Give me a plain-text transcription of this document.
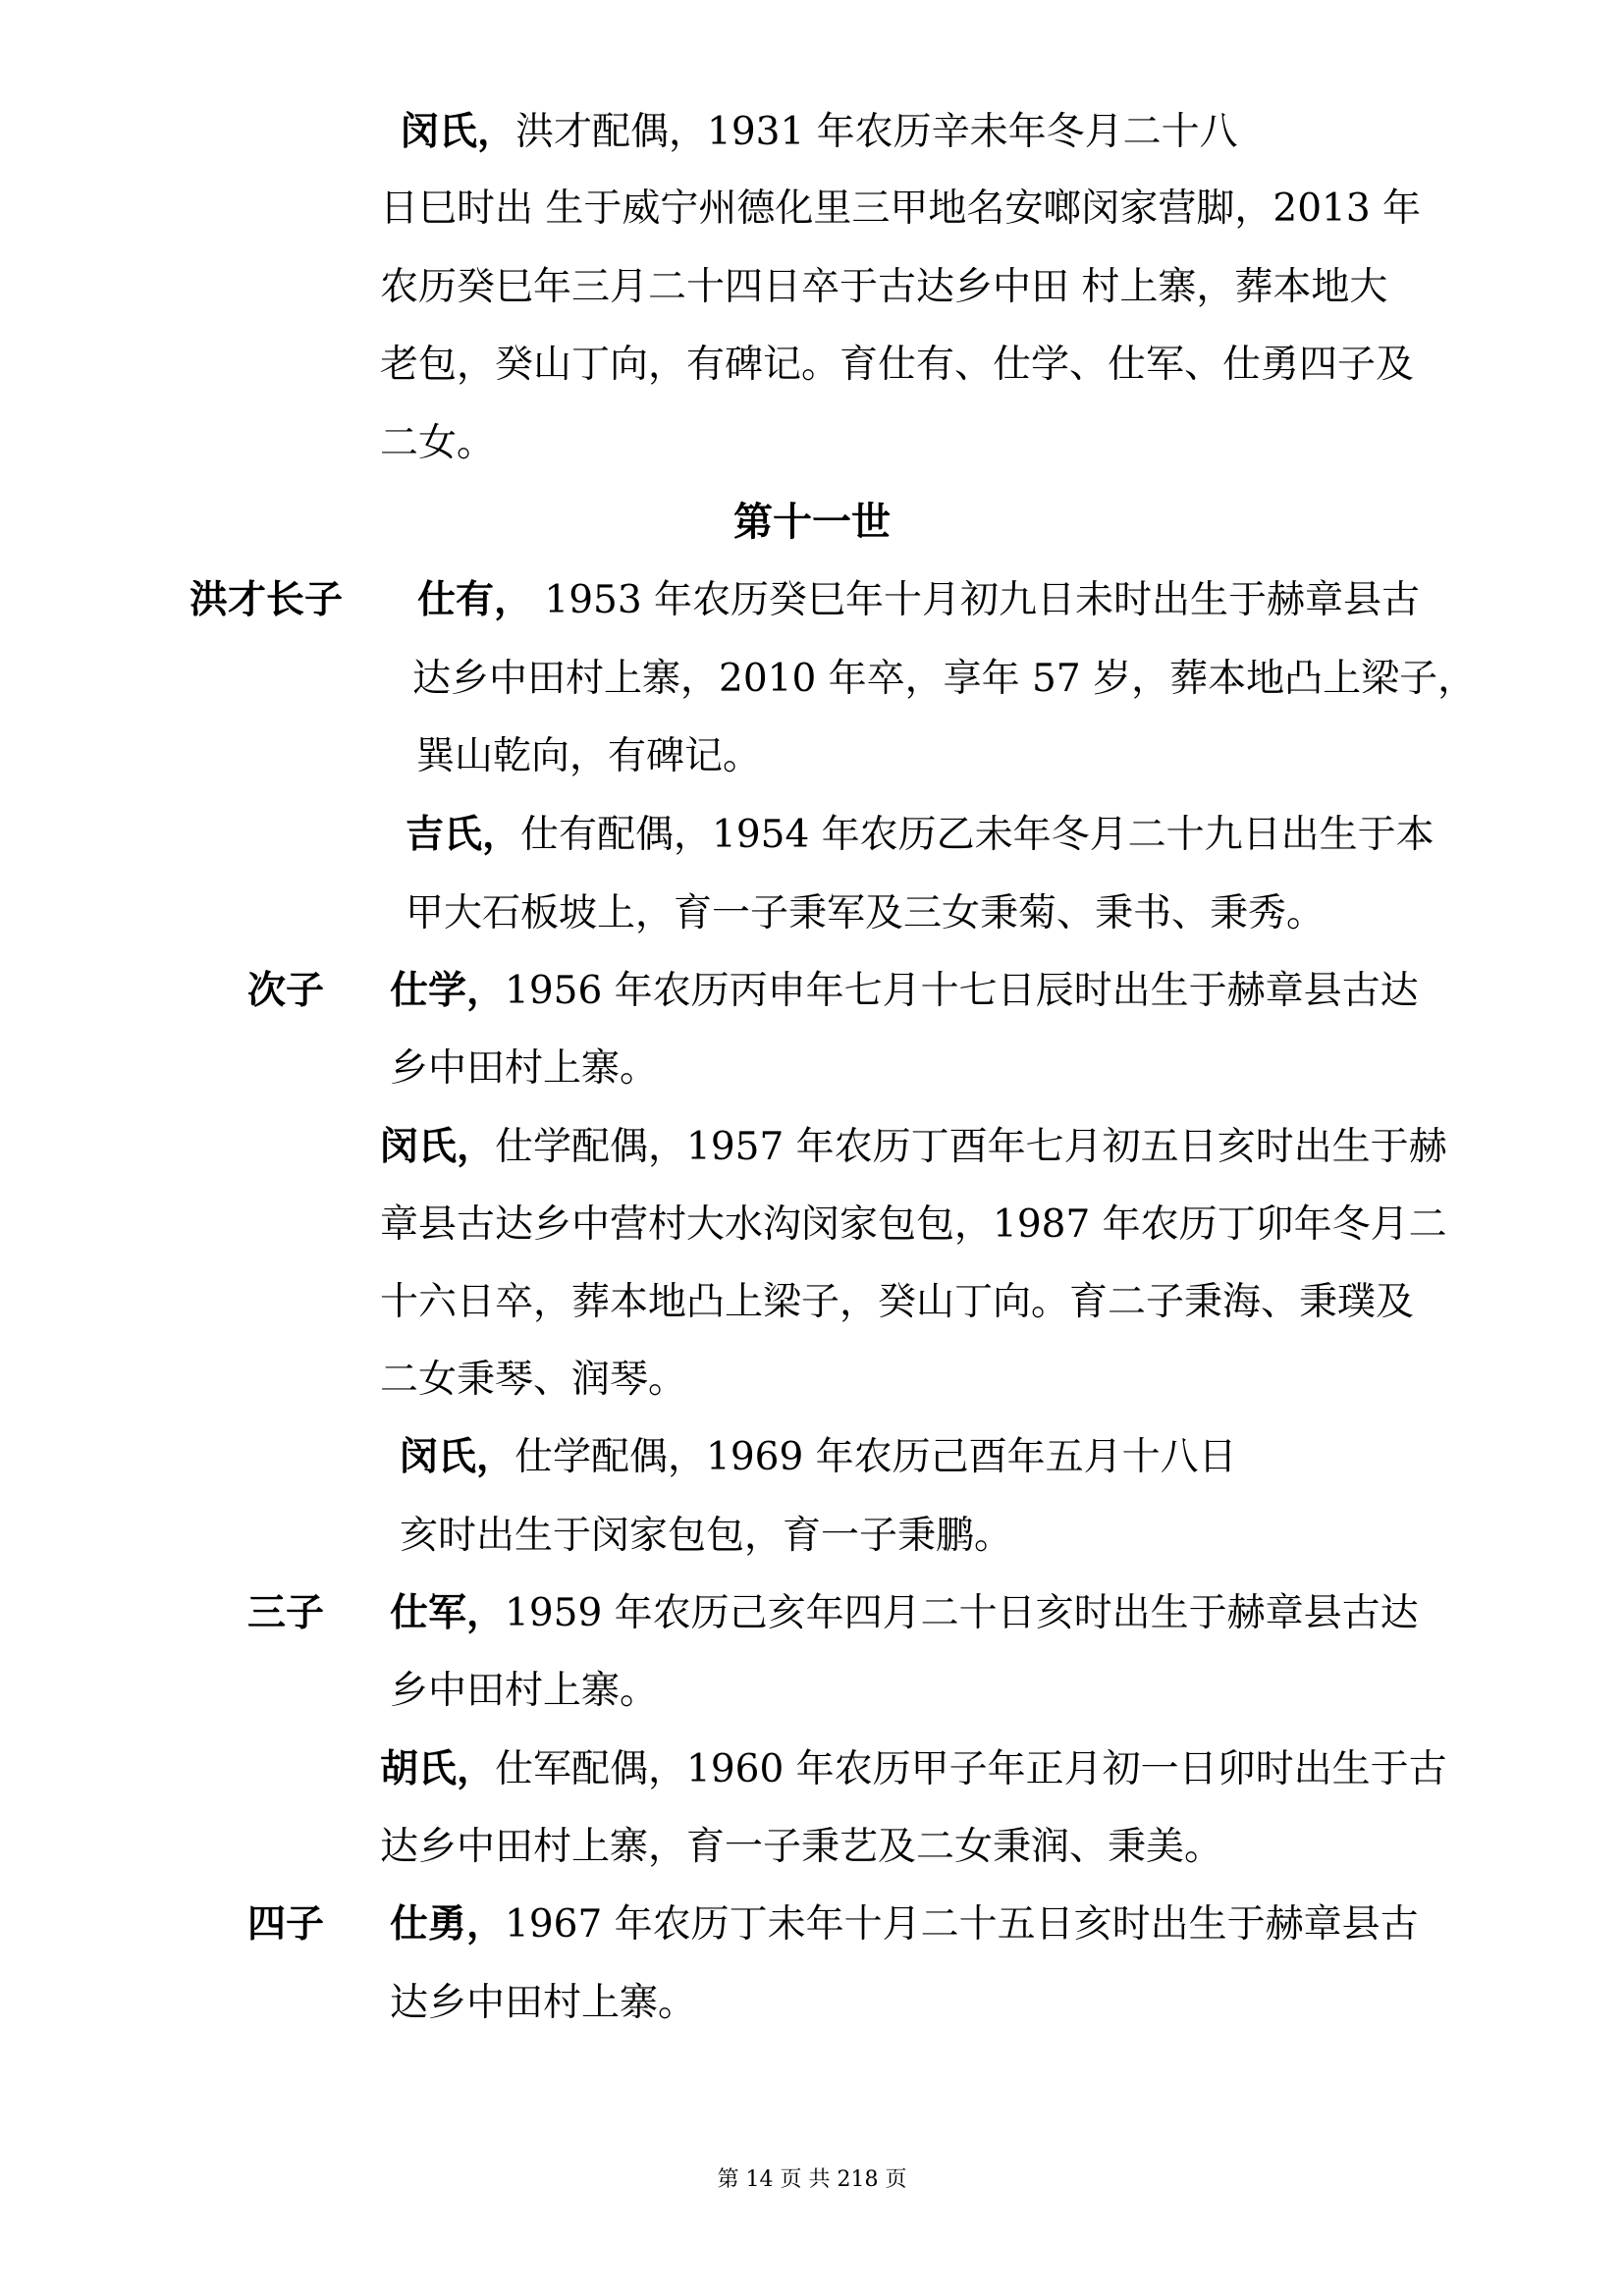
闵氏，洪才配偶，1931 年农历辛未年冬月二十八
日巳时出 生于威宁州德化里三甲地名安啷闵家营脚，2013 年
农历癸巳年三月二十四日卒于古达乡中田 村上寨，葬本地大
老包，癸山丁向，有碑记。育仕有、仕学、仕军、仕勇四子及
二女。
第十一世
洪才长子 仕有， 1953 年农历癸巳年十月初九日未时出生于赫章县古
达乡中田村上寨，2010 年卒，享年 57 岁，葬本地凸上梁子，
巽山乾向，有碑记。
吉氏，仕有配偶，1954 年农历乙未年冬月二十九日出生于本
甲大石板坡上，育一子秉军及三女秉菊、秉书、秉秀。
次子 仕学，1956 年农历丙申年七月十七日辰时出生于赫章县古达
乡中田村上寨。
闵氏，仕学配偶，1957 年农历丁酉年七月初五日亥时出生于赫
章县古达乡中营村大水沟闵家包包，1987 年农历丁卯年冬月二
十六日卒，葬本地凸上梁子，癸山丁向。育二子秉海、秉璞及
二女秉琴、润琴。
闵氏，仕学配偶，1969 年农历己酉年五月十八日
亥时出生于闵家包包，育一子秉鹏。
三子 仕军，1959 年农历己亥年四月二十日亥时出生于赫章县古达
乡中田村上寨。
胡氏，仕军配偶，1960 年农历甲子年正月初一日卯时出生于古
达乡中田村上寨，育一子秉艺及二女秉润、秉美。
四子 仕勇，1967 年农历丁未年十月二十五日亥时出生于赫章县古
达乡中田村上寨。
第 14 页 共 218 页
